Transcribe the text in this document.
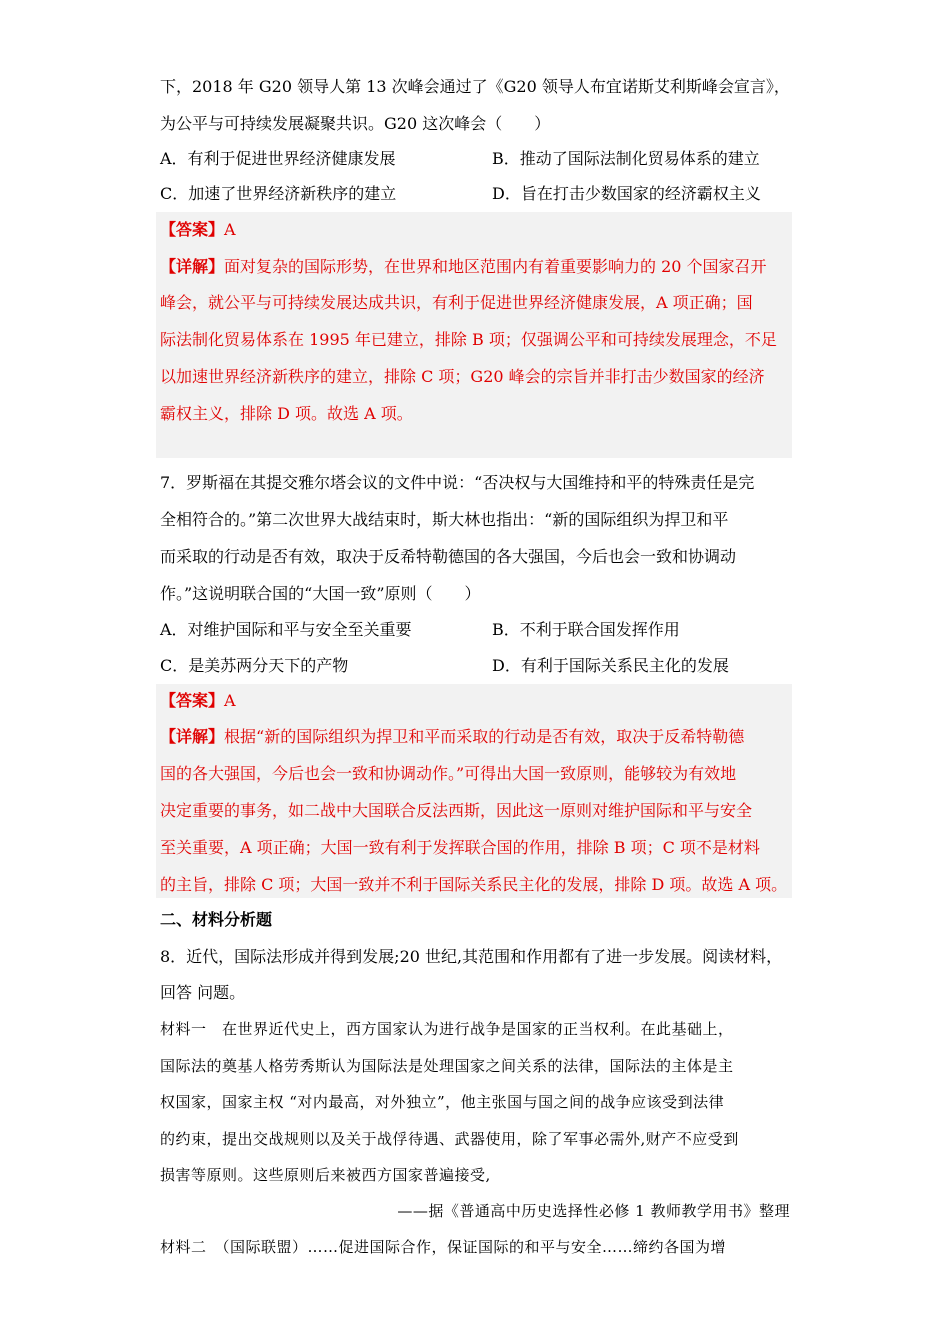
下，2018 年 G20 领导人第 13 次峰会通过了《G20 领导人布宜诺斯艾利斯峰会宣言》，
为公平与可持续发展凝聚共识。G20 这次峰会（　　）
A．有利于促进世界经济健康发展	B．推动了国际法制化贸易体系的建立
C．加速了世界经济新秩序的建立	D．旨在打击少数国家的经济霸权主义
【答案】A
【详解】面对复杂的国际形势，在世界和地区范围内有着重要影响力的 20 个国家召开
峰会，就公平与可持续发展达成共识，有利于促进世界经济健康发展，A 项正确；国
际法制化贸易体系在 1995 年已建立，排除 B 项；仅强调公平和可持续发展理念，不足
以加速世界经济新秩序的建立，排除 C 项；G20 峰会的宗旨并非打击少数国家的经济
霸权主义，排除 D 项。故选 A 项。
7．罗斯福在其提交雅尔塔会议的文件中说：“否决权与大国维持和平的特殊责任是完
全相符合的。”第二次世界大战结束时，斯大林也指出：“新的国际组织为捍卫和平
而采取的行动是否有效，取决于反希特勒德国的各大强国，今后也会一致和协调动
作。”这说明联合国的“大国一致”原则（　　）
A．对维护国际和平与安全至关重要	B．不利于联合国发挥作用
C．是美苏两分天下的产物	D．有利于国际关系民主化的发展
【答案】A
【详解】根据“新的国际组织为捍卫和平而采取的行动是否有效，取决于反希特勒德
国的各大强国，今后也会一致和协调动作。”可得出大国一致原则，能够较为有效地
决定重要的事务，如二战中大国联合反法西斯，因此这一原则对维护国际和平与安全
至关重要，A 项正确；大国一致有利于发挥联合国的作用，排除 B 项；C 项不是材料
的主旨，排除 C 项；大国一致并不利于国际关系民主化的发展，排除 D 项。故选 A 项。
二、材料分析题
8．近代，国际法形成并得到发展;20 世纪,其范围和作用都有了进一步发展。阅读材料，
回答 问题。
材料一　在世界近代史上，西方国家认为进行战争是国家的正当权利。在此基础上，
国际法的奠基人格劳秀斯认为国际法是处理国家之间关系的法律，国际法的主体是主
权国家，国家主权 “对内最高，对外独立”，他主张国与国之间的战争应该受到法律
的约束，提出交战规则以及关于战俘待遇、武器使用，除了军事必需外,财产不应受到
损害等原则。这些原则后来被西方国家普遍接受,
——据《普通高中历史选择性必修 1 教师教学用书》整理
材料二　（国际联盟）……促进国际合作，保证国际的和平与安全……缔约各国为增
